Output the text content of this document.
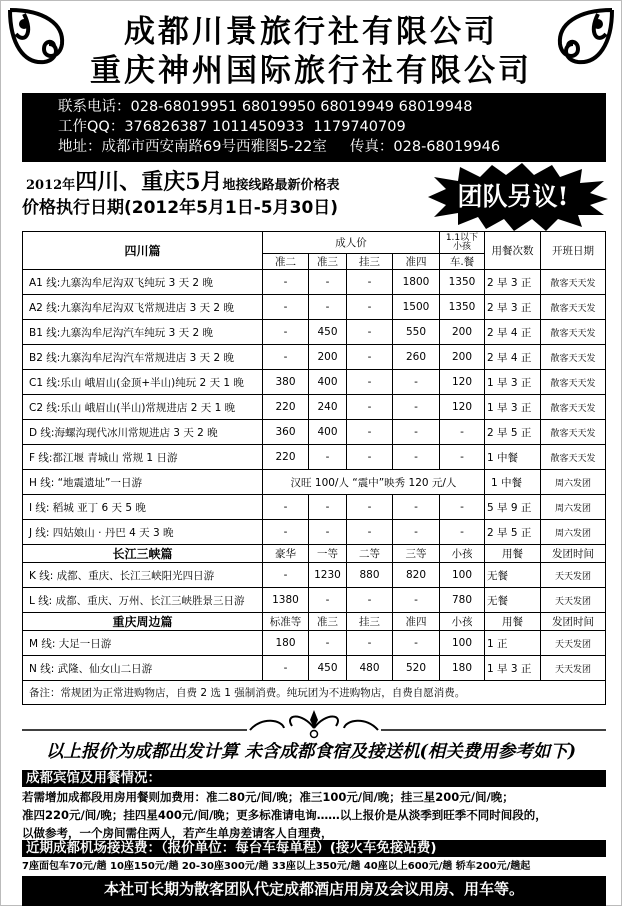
成都川景旅行社有限公司
重庆神州国际旅行社有限公司
联系电话：028-68019951 68019950 68019949 68019948
工作QQ：376826387 1011450933  1179740709
地址：成都市西安南路69号西雅图5-22室     传真：028-68019946
2012年四川、重庆5月地接线路最新价格表
价格执行日期(2012年5月1日-5月30日)	团队另议!
四川篇	成人价				1.1以下小孩	用餐次数	开班日期
	准二	准三	挂三	准四	车.餐		
A1 线:九寨沟牟尼沟双飞纯玩 3 天 2 晚	-	-	-	1800	1350	2 早 3 正	散客天天发
A2 线:九寨沟牟尼沟双飞常规进店 3 天 2 晚	-	-	-	1500	1350	2 早 3 正	散客天天发
B1 线:九寨沟牟尼沟汽车纯玩 3 天 2 晚	-	450	-	550	200	2 早 4 正	散客天天发
B2 线:九寨沟牟尼沟汽车常规进店 3 天 2 晚	-	200	-	260	200	2 早 4 正	散客天天发
C1 线:乐山 峨眉山(金顶+半山)纯玩 2 天 1 晚	380	400	-	-	120	1 早 3 正	散客天天发
C2 线:乐山 峨眉山(半山)常规进店 2 天 1 晚	220	240	-	-	120	1 早 3 正	散客天天发
D 线:海螺沟现代冰川常规进店 3 天 2 晚	360	400	-	-	-	2 早 5 正	散客天天发
F 线:都江堰 青城山 常规 1 日游	220	-	-	-	-	1 中餐	散客天天发
H 线: “地震遗址”一日游	汉旺 100/人 “震中”映秀 120 元/人					1 中餐	周六发团
I 线: 稻城 亚丁 6 天 5 晚	-	-	-	-	-	5 早 9 正	周六发团
J 线: 四姑娘山 · 丹巴 4 天 3 晚	-	-	-	-	-	2 早 5 正	周六发团
长江三峡篇	豪华	一等	二等	三等	小孩	用餐	发团时间
K 线: 成都、重庆、长江三峡阳光四日游	-	1230	880	820	100	无餐	天天发团
L 线: 成都、重庆、万州、长江三峡胜景三日游	1380	-	-	-	780	无餐	天天发团
重庆周边篇	标准等	准三	挂三	准四	小孩	用餐	发团时间
M 线: 大足一日游	180	-	-	-	100	1 正	天天发团
N 线: 武隆、仙女山二日游	-	450	480	520	180	1 早 3 正	天天发团
备注：常规团为正常进购物店，自费 2 选 1 强制消费。纯玩团为不进购物店，自费自愿消费。							
以上报价为成都出发计算 未含成都食宿及接送机(相关费用参考如下)
成都宾馆及用餐情况：
若需增加成都段用房用餐则加费用：准二80元/间/晚；准三100元/间/晚；挂三星200元/间/晚；
准四220元/间/晚；挂四星400元/间/晚；更多标准请电询……以上报价是从淡季到旺季不同时间段的，
以做参考，一个房间需住两人，若产生单房差请客人自理费，
近期成都机场接送费：（报价单位：每台车每单程）(接火车免接站费)
7座面包车70元/趟 10座150元/趟 20-30座300元/趟 33座以上350元/趟 40座以上600元/趟 轿车200元/趟起
本社可长期为散客团队代定成都酒店用房及会议用房、用车等。
